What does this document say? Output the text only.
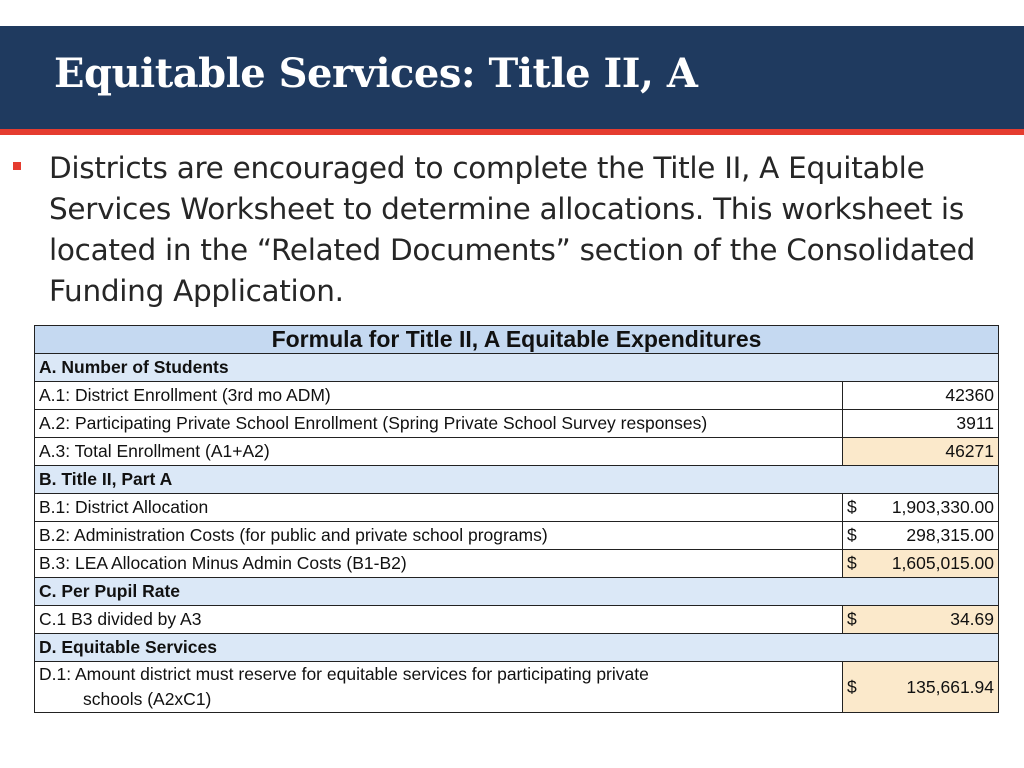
Equitable Services: Title II, A
Districts are encouraged to complete the Title II, A Equitable Services Worksheet to determine allocations. This worksheet is located in the “Related Documents” section of the Consolidated Funding Application.
Formula for Title II, A Equitable Expenditures	
A. Number of Students	
A.1: District Enrollment (3rd mo ADM)	42360
A.2: Participating Private School Enrollment (Spring Private School Survey responses)	3911
A.3: Total Enrollment (A1+A2)	46271
B. Title II, Part A	
B.1: District Allocation	$ 1,903,330.00

B.2: Administration Costs (for public and private school programs)	$ 298,315.00

B.3: LEA Allocation Minus Admin Costs (B1-B2)	$ 1,605,015.00

C. Per Pupil Rate	
C.1 B3 divided by A3	$ 34.69

D. Equitable Services	
D.1: Amount district must reserve for equitable services for participating private
schools (A2xC1)	$ 135,661.94
